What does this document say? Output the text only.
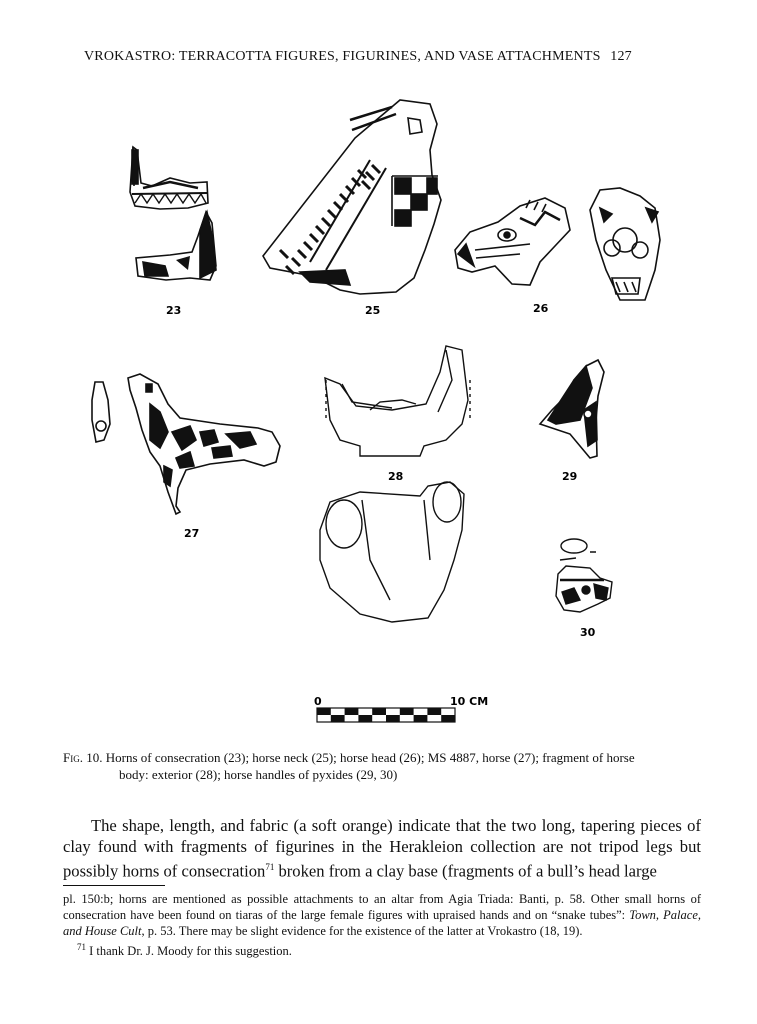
VROKASTRO: TERRACOTTA FIGURES, FIGURINES, AND VASE ATTACHMENTS 127
23	25	26
27
28	29
30
0	10 CM
Fig. 10. Horns of consecration (23); horse neck (25); horse head (26); MS 4887, horse (27); fragment of horse
body: exterior (28); horse handles of pyxides (29, 30)
The shape, length, and fabric (a soft orange) indicate that the two long, tapering pieces of clay found with fragments of figurines in the Herakleion collection are not tripod legs but possibly horns of consecration$^{71}$ broken from a clay base (fragments of a bull’s head large
pl. 150:b; horns are mentioned as possible attachments to an altar from Agia Triada: Banti, p. 58. Other small horns of consecration have been found on tiaras of the large female figures with upraised hands and on “snake tubes”: Town, Palace, and House Cult, p. 53. There may be slight evidence for the existence of the latter at Vrokastro (18, 19).
$^{71}$ I thank Dr. J. Moody for this suggestion.
